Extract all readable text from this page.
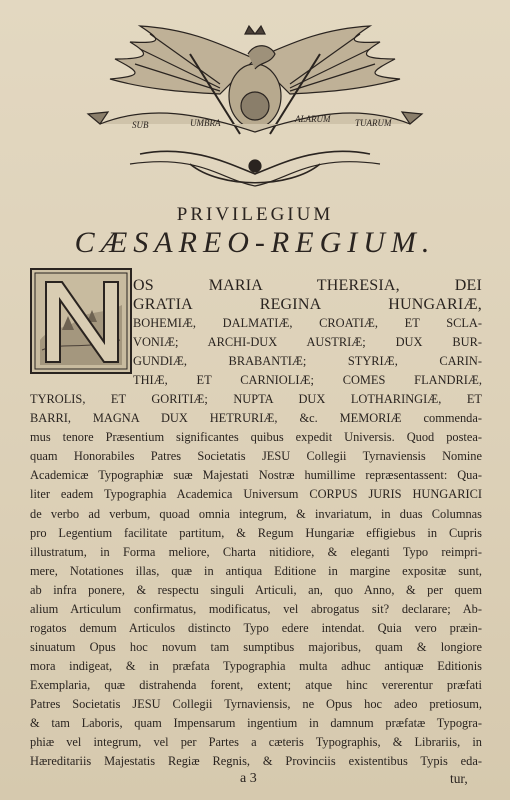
SUB	UMBRA	ALARUM	TUARUM
PRIVILEGIUM
CÆSAREO-REGIUM.
N
OS MARIA THERESIA, DEI
GRATIA REGINA HUNGARIÆ,
BOHEMIÆ, DALMATIÆ, CROATIÆ, ET SCLA-
VONIÆ; ARCHI-DUX AUSTRIÆ; DUX BUR-
GUNDIÆ, BRABANTIÆ; STYRIÆ, CARIN-
THIÆ, ET CARNIOLIÆ; COMES FLANDRIÆ,
TYROLIS, ET GORITIÆ; NUPTA DUX LOTHARINGIÆ, ET
BARRI, MAGNA DUX HETRURIÆ, &c. MEMORIÆ commenda-
mus tenore Præsentium significantes quibus expedit Universis. Quod postea-
quam Honorabiles Patres Societatis JESU Collegii Tyrnaviensis Nomine
Academicæ Typographiæ suæ Majestati Nostræ humillime repræsentassent: Qua-
liter eadem Typographia Academica Universum CORPUS JURIS HUNGARICI
de verbo ad verbum, quoad omnia integrum, & invariatum, in duas Columnas
pro Legentium facilitate partitum, & Regum Hungariæ effigiebus in Cupris
illustratum, in Forma meliore, Charta nitidiore, & eleganti Typo reimpri-
mere, Notationes illas, quæ in antiqua Editione in margine expositæ sunt,
ab infra ponere, & respectu singuli Articuli, an, quo Anno, & per quem
alium Articulum confirmatus, modificatus, vel abrogatus sit? declarare; Ab-
rogatos demum Articulos distincto Typo edere intendat. Quia vero præin-
sinuatum Opus hoc novum tam sumptibus majoribus, quam & longiore
mora indigeat, & in præfata Typographia multa adhuc antiquæ Editionis
Exemplaria, quæ distrahenda forent, extent; atque hinc vererentur præfati
Patres Societatis JESU Collegii Tyrnaviensis, ne Opus hoc adeo pretiosum,
& tam Laboris, quam Impensarum ingentium in damnum præfatæ Typogra-
phiæ vel integrum, vel per Partes a cæteris Typographis, & Librariis, in
Hæreditariis Majestatis Regiæ Regnis, & Provinciis existentibus Typis eda-
a 3	tur,
